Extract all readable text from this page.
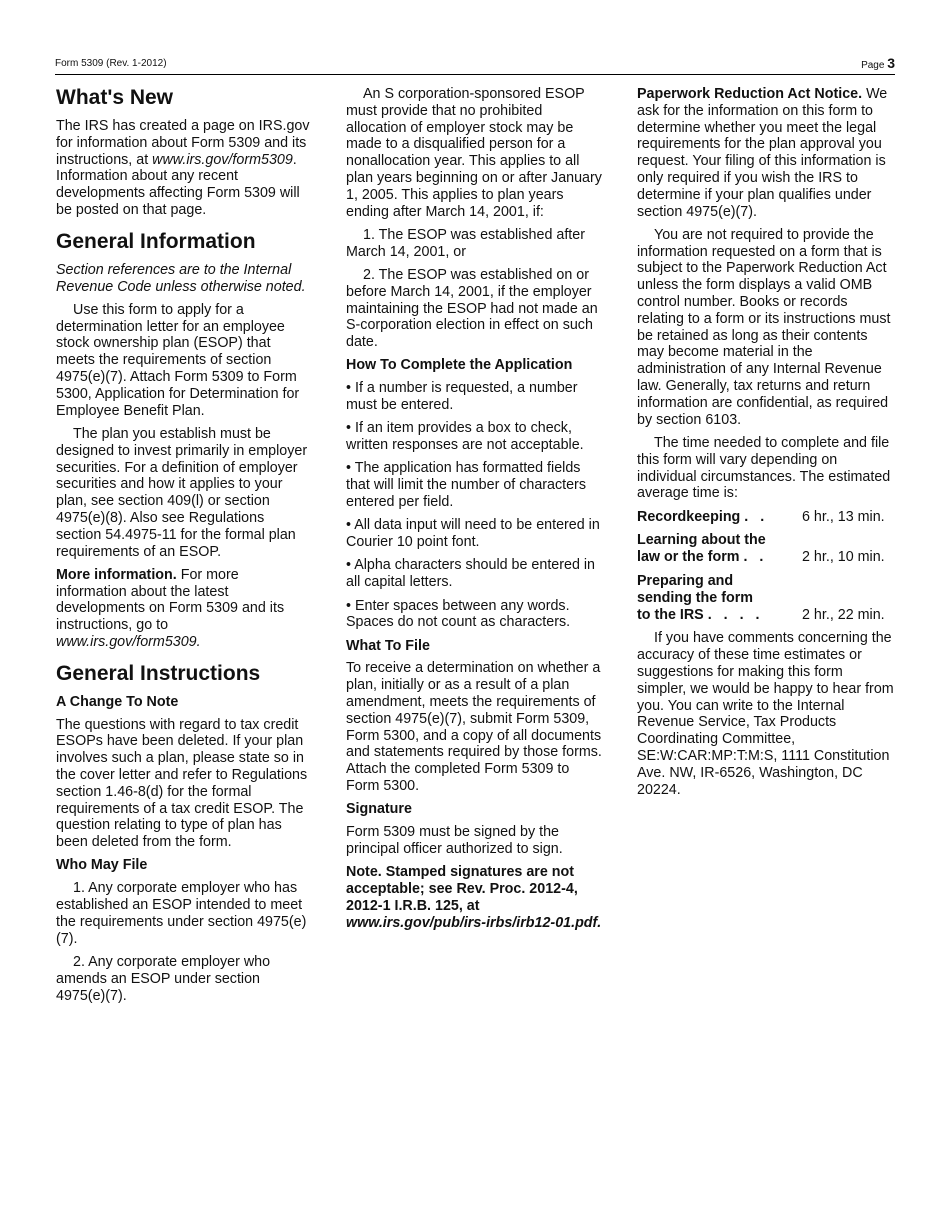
Form 5309 (Rev. 1-2012)	Page 3
What's New

The IRS has created a page on IRS.gov for information about Form 5309 and its instructions, at www.irs.gov/form5309. Information about any recent developments affecting Form 5309 will be posted on that page.

General Information

Section references are to the Internal Revenue Code unless otherwise noted.

Use this form to apply for a determination letter for an employee stock ownership plan (ESOP) that meets the requirements of section 4975(e)(7). Attach Form 5309 to Form 5300, Application for Determination for Employee Benefit Plan.

The plan you establish must be designed to invest primarily in employer securities. For a definition of employer securities and how it applies to your plan, see section 409(l) or section 4975(e)(8). Also see Regulations section 54.4975-11 for the formal plan requirements of an ESOP.

More information. For more information about the latest developments on Form 5309 and its instructions, go to www.irs.gov/form5309.

General Instructions
A Change To Note

The questions with regard to tax credit ESOPs have been deleted. If your plan involves such a plan, please state so in the cover letter and refer to Regulations section 1.46-8(d) for the formal requirements of a tax credit ESOP. The question relating to type of plan has been deleted from the form.

Who May File

1. Any corporate employer who has established an ESOP intended to meet the requirements under section 4975(e)(7).

2. Any corporate employer who amends an ESOP under section 4975(e)(7).

An S corporation-sponsored ESOP must provide that no prohibited allocation of employer stock may be made to a disqualified person for a nonallocation year. This applies to all plan years beginning on or after January 1, 2005. This applies to plan years ending after March 14, 2001, if:

1. The ESOP was established after March 14, 2001, or

2. The ESOP was established on or before March 14, 2001, if the employer maintaining the ESOP had not made an S-corporation election in effect on such date.

How To Complete the Application

• If a number is requested, a number must be entered.

• If an item provides a box to check, written responses are not acceptable.

• The application has formatted fields that will limit the number of characters entered per field.

• All data input will need to be entered in Courier 10 point font.

• Alpha characters should be entered in all capital letters.

• Enter spaces between any words. Spaces do not count as characters.

What To File

To receive a determination on whether a plan, initially or as a result of a plan amendment, meets the requirements of section 4975(e)(7), submit Form 5309, Form 5300, and a copy of all documents and statements required by those forms. Attach the completed Form 5309 to Form 5300.

Signature

Form 5309 must be signed by the principal officer authorized to sign.

Note. Stamped signatures are not acceptable; see Rev. Proc. 2012-4, 2012-1 I.R.B. 125, at www.irs.gov/pub/irs-irbs/irb12-01.pdf.

Paperwork Reduction Act Notice. We ask for the information on this form to determine whether you meet the legal requirements for the plan approval you request. Your filing of this information is only required if you wish the IRS to determine if your plan qualifies under section 4975(e)(7).

You are not required to provide the information requested on a form that is subject to the Paperwork Reduction Act unless the form displays a valid OMB control number. Books or records relating to a form or its instructions must be retained as long as their contents may become material in the administration of any Internal Revenue law. Generally, tax returns and return information are confidential, as required by section 6103.

The time needed to complete and file this form will vary depending on individual circumstances. The estimated average time is:

Recordkeeping . .	6 hr., 13 min.
Learning about the
law or the form . .	2 hr., 10 min.
Preparing and
sending the form
to the IRS . . . .	2 hr., 22 min.

If you have comments concerning the accuracy of these time estimates or suggestions for making this form simpler, we would be happy to hear from you. You can write to the Internal Revenue Service, Tax Products Coordinating Committee, SE:W:CAR:MP:T:M:S, 1111 Constitution Ave. NW, IR-6526, Washington, DC 20224.
